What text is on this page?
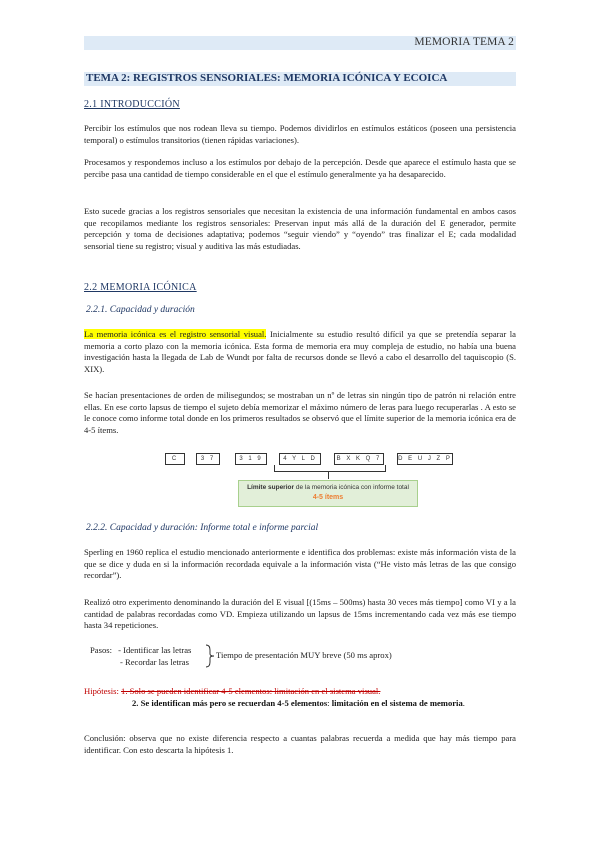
MEMORIA TEMA 2
TEMA 2: REGISTROS SENSORIALES: MEMORIA ICÓNICA Y ECOICA
2.1 INTRODUCCIÓN
Percibir los estímulos que nos rodean lleva su tiempo. Podemos dividirlos en estímulos estáticos (poseen una persistencia temporal) o estímulos transitorios (tienen rápidas variaciones).
Procesamos y respondemos incluso a los estímulos por debajo de la percepción. Desde que aparece el estímulo hasta que se percibe pasa una cantidad de tiempo considerable en el que el estímulo generalmente ya ha desaparecido.
Esto sucede gracias a los registros sensoriales que necesitan la existencia de una información fundamental en ambos casos que recopilamos mediante los registros sensoriales: Preservan input más allá de la duración del E generador, permite percepción y toma de decisiones adaptativa; podemos “seguir viendo” y “oyendo” tras finalizar el E; cada modalidad sensorial tiene su registro; visual y auditiva las más estudiadas.
2.2 MEMORIA ICÓNICA
2.2.1. Capacidad y duración
La memoria icónica es el registro sensorial visual. Inicialmente su estudio resultó difícil ya que se pretendía separar la memoria a corto plazo con la memoria icónica. Esta forma de memoria era muy compleja de estudio, no había una buena investigación hasta la llegada de Lab de Wundt por falta de recursos donde se llevó a cabo el desarrollo del taquiscopio (S. XIX).
Se hacían presentaciones de orden de milisegundos; se mostraban un nº de letras sin ningún tipo de patrón ni relación entre ellas. En ese corto lapsus de tiempo el sujeto debía memorizar el máximo número de leras para luego recuperarlas . A esto se le conoce como informe total donde en los primeros resultados se observó que el límite superior de la memoria icónica era de 4-5 ítems.
C	3 7	3 1 9	4 Y L D	B X K Q 7	D E U J Z P
Límite superior de la memoria icónica con informe total
4-5 ítems
2.2.2. Capacidad y duración: Informe total e informe parcial
Sperling en 1960 replica el estudio mencionado anteriormente e identifica dos problemas: existe más información vista de la que se dice y duda en si la información recordada equivale a la información vista (“He visto más letras de las que consigo recordar”).
Realizó otro experimento denominando la duración del E visual [(15ms – 500ms) hasta 30 veces más tiempo] como VI y a la cantidad de palabras recordadas como VD. Empieza utilizando un lapsus de 15ms incrementando cada vez más ese tiempo hasta 34 repeticiones.
Pasos: - Identificar las letras
- Recordar las letras
Tiempo de presentación MUY breve (50 ms aprox)
Hipótesis: 1. Solo se pueden identificar 4-5 elementos: limitación en el sistema visual.
2. Se identifican más pero se recuerdan 4-5 elementos: limitación en el sistema de memoria.
Conclusión: observa que no existe diferencia respecto a cuantas palabras recuerda a medida que hay más tiempo para identificar. Con esto descarta la hipótesis 1.
